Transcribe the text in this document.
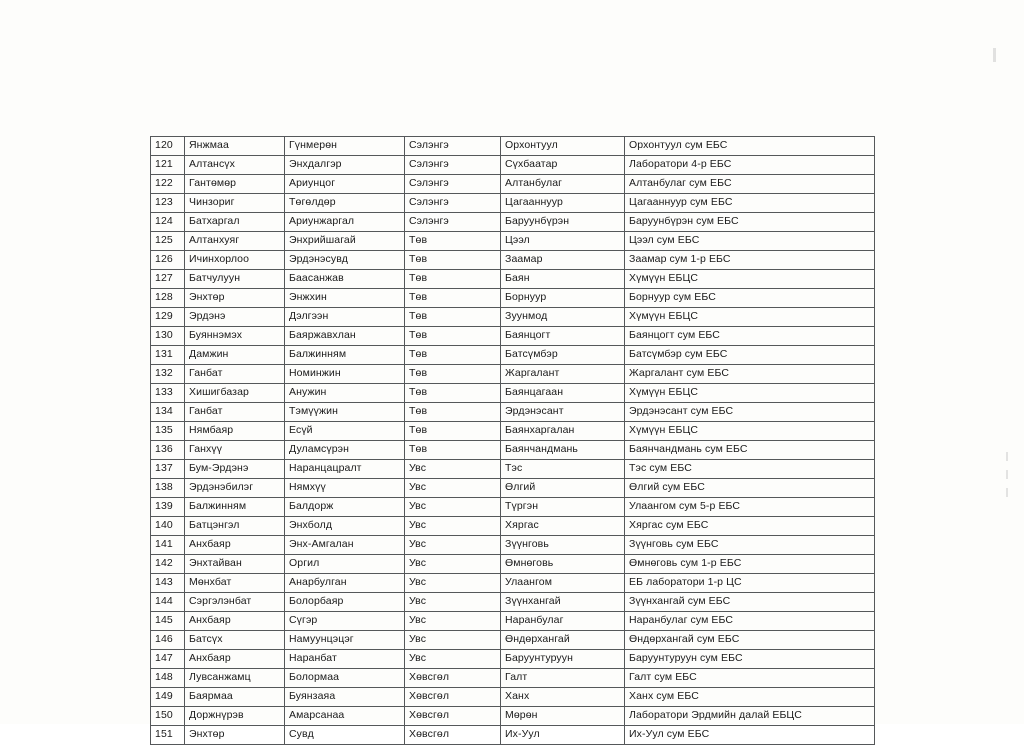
120	Янжмаа	Гүнмерөн	Сэлэнгэ	Орхонтуул	Орхонтуул сум ЕБС
121	Алтансүх	Энхдалгэр	Сэлэнгэ	Сүхбаатар	Лаборатори 4-р ЕБС
122	Гантөмөр	Ариунцог	Сэлэнгэ	Алтанбулаг	Алтанбулаг сум ЕБС
123	Чинзориг	Төгөлдөр	Сэлэнгэ	Цагааннуур	Цагааннуур сум ЕБС
124	Батхаргал	Ариунжаргал	Сэлэнгэ	Баруунбүрэн	Баруунбүрэн сум ЕБС
125	Алтанхуяг	Энхрийшагай	Төв	Цээл	Цээл сум ЕБС
126	Ичинхорлоо	Эрдэнэсувд	Төв	Заамар	Заамар сум 1-р ЕБС
127	Батчулуун	Баасанжав	Төв	Баян	Хүмүүн ЕБЦС
128	Энхтөр	Энжхин	Төв	Борнуур	Борнуур сум ЕБС
129	Эрдэнэ	Дэлгээн	Төв	Зуунмод	Хүмүүн ЕБЦС
130	Буяннэмэх	Баяржавхлан	Төв	Баянцогт	Баянцогт сум ЕБС
131	Дамжин	Балжинням	Төв	Батсүмбэр	Батсүмбэр сум ЕБС
132	Ганбат	Номинжин	Төв	Жаргалант	Жаргалант сум ЕБС
133	Хишигбазар	Анужин	Төв	Баянцагаан	Хүмүүн ЕБЦС
134	Ганбат	Тэмүүжин	Төв	Эрдэнэсант	Эрдэнэсант сум ЕБС
135	Нямбаяр	Есүй	Төв	Баянхаргалан	Хүмүүн ЕБЦС
136	Ганхүү	Дуламсүрэн	Төв	Баянчандмань	Баянчандмань сум ЕБС
137	Бум-Эрдэнэ	Наранцацралт	Увс	Тэс	Тэс сум ЕБС
138	Эрдэнэбилэг	Нямхүү	Увс	Өлгий	Өлгий сум ЕБС
139	Балжинням	Балдорж	Увс	Түргэн	Улаангом сум 5-р ЕБС
140	Батцэнгэл	Энхболд	Увс	Хяргас	Хяргас сум ЕБС
141	Анхбаяр	Энх-Амгалан	Увс	Зүүнговь	Зүүнговь сум ЕБС
142	Энхтайван	Оргил	Увс	Өмнөговь	Өмнөговь сум 1-р ЕБС
143	Мөнхбат	Анарбулган	Увс	Улаангом	ЕБ лаборатори 1-р ЦС
144	Сэргэлэнбат	Болорбаяр	Увс	Зүүнхангай	Зүүнхангай сум ЕБС
145	Анхбаяр	Сүгэр	Увс	Наранбулаг	Наранбулаг сум ЕБС
146	Батсүх	Намуунцэцэг	Увс	Өндөрхангай	Өндөрхангай сум ЕБС
147	Анхбаяр	Наранбат	Увс	Баруунтуруун	Баруунтуруун сум ЕБС
148	Лувсанжамц	Болормаа	Хөвсгөл	Галт	Галт сум ЕБС
149	Баярмаа	Буянзаяа	Хөвсгөл	Ханх	Ханх сум ЕБС
150	Доржнүрэв	Амарсанаа	Хөвсгөл	Мөрөн	Лаборатори Эрдмийн далай ЕБЦС
151	Энхтөр	Сувд	Хөвсгөл	Их-Уул	Их-Уул сум ЕБС
